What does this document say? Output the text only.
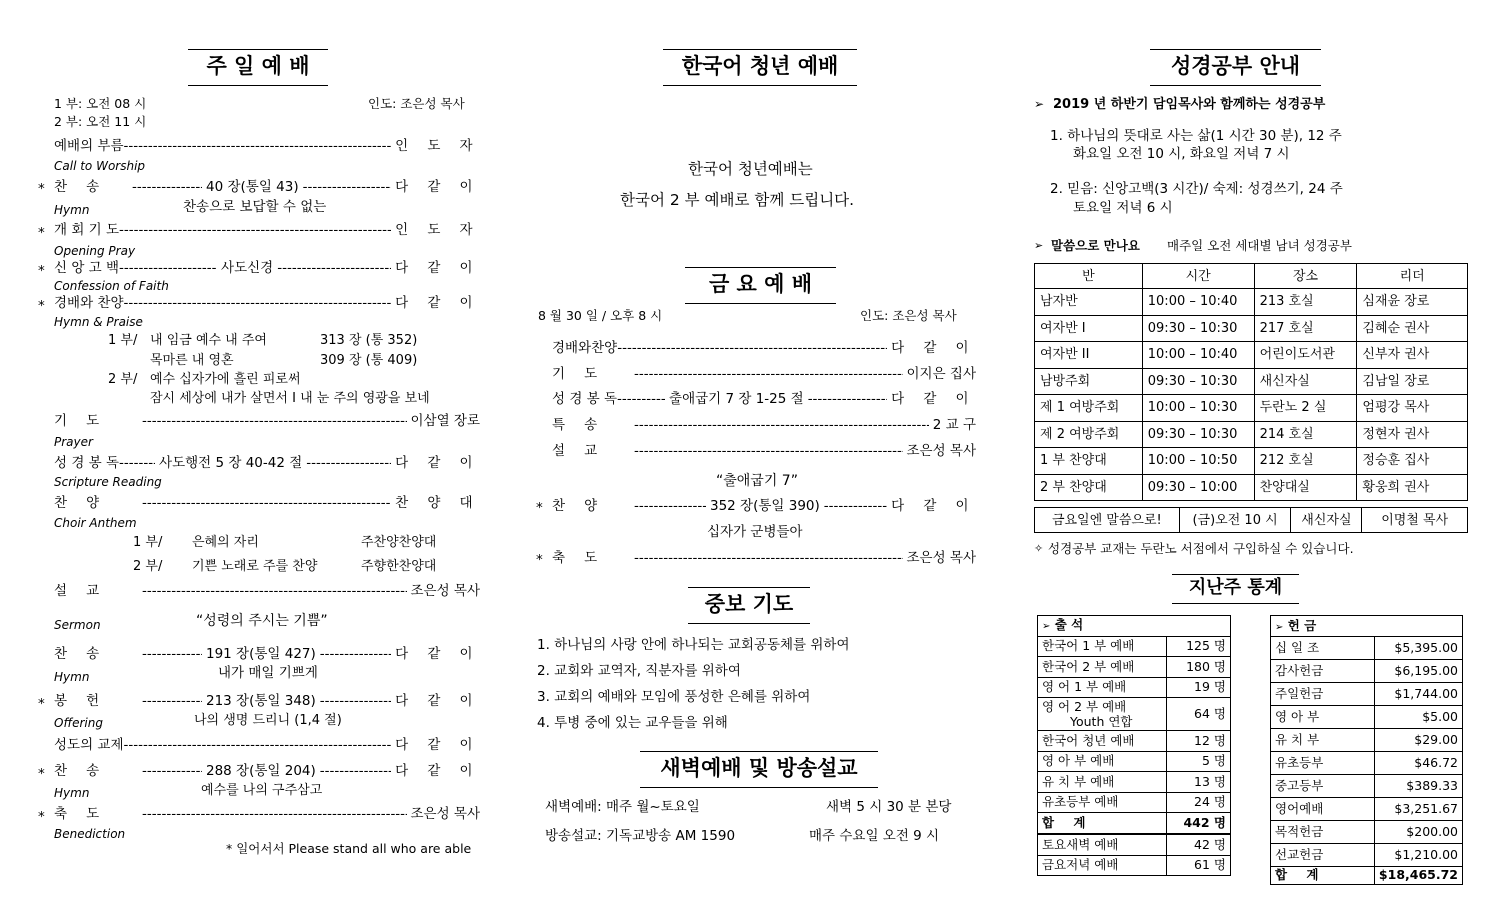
주 일 예 배
1 부: 오전 08 시
2 부: 오전 11 시
인도: 조은성 목사
예배의 부름 -----	인 도 자
Call to Worship
* 찬 송 -----	40 장(통일 43) -----	다 같 이
Hymn	찬송으로 보답할 수 없는
* 개 회 기 도 -----	인 도 자
Opening Pray
* 신 앙 고 백 -----	사도신경 -----	다 같 이
Confession of Faith
* 경배와 찬양 -----	다 같 이
Hymn & Praise
1 부/ 내 임금 예수 내 주여	313 장 (통 352)
목마른 내 영혼	309 장 (통 409)
2 부/ 예수 십자가에 흘린 피로써
잠시 세상에 내가 살면서 I 내 눈 주의 영광을 보네
기 도 -----	이삼열 장로
Prayer
성 경 봉 독 -----	사도행전 5 장 40-42 절 -----	다 같 이
Scripture Reading
찬 양 -----	찬 양 대
Choir Anthem
1 부/ 은혜의 자리	주찬양찬양대
2 부/ 기쁜 노래로 주를 찬양	주향한찬양대
설 교 -----	조은성 목사
Sermon	“성령의 주시는 기쁨”
찬 송 -----	191 장(통일 427) -----	다 같 이
Hymn	내가 매일 기쁘게
* 봉 헌 -----	213 장(통일 348) -----	다 같 이
Offering	나의 생명 드리니 (1,4 절)
성도의 교제 -----	다 같 이
* 찬 송 -----	288 장(통일 204) -----	다 같 이
Hymn	예수를 나의 구주삼고
* 축 도 -----	조은성 목사
Benediction
* 일어서서 Please stand all who are able
한국어 청년 예배
한국어 청년예배는
한국어 2 부 예배로 함께 드립니다.
금 요 예 배
8 월 30 일 / 오후 8 시	인도: 조은성 목사
경배와찬양 -----	다 같 이
기 도 -----	이지은 집사
성 경 봉 독 -----	출애굽기 7 장 1-25 절 -----	다 같 이
특 송 -----	2 교 구
설 교 -----	조은성 목사
“출애굽기 7”
* 찬 양 -----	352 장(통일 390) -----	다 같 이
십자가 군병들아
* 축 도 -----	조은성 목사
중보 기도
1. 하나님의 사랑 안에 하나되는 교회공동체를 위하여
2. 교회와 교역자, 직분자를 위하여
3. 교회의 예배와 모임에 풍성한 은혜를 위하여
4. 투병 중에 있는 교우들을 위해
새벽예배 및 방송설교
새벽예배: 매주 월~토요일	새벽 5 시 30 분 본당
방송설교: 기독교방송 AM 1590	매주 수요일 오전 9 시
성경공부 안내
➢ 2019 년 하반기 담임목사와 함께하는 성경공부
1. 하나님의 뜻대로 사는 삶(1 시간 30 분), 12 주
화요일 오전 10 시, 화요일 저녁 7 시
2. 믿음: 신앙고백(3 시간)/ 숙제: 성경쓰기, 24 주
토요일 저녁 6 시
➢ 말씀으로 만나요 매주일 오전 세대별 남녀 성경공부
반	시간	장소	리더
남자반	10:00 – 10:40	213 호실	심재윤 장로
여자반 I	09:30 – 10:30	217 호실	김혜순 권사
여자반 II	10:00 – 10:40	어린이도서관	신부자 권사
남방주회	09:30 – 10:30	새신자실	김남일 장로
제 1 여방주회	10:00 – 10:30	두란노 2 실	엄평강 목사
제 2 여방주회	09:30 – 10:30	214 호실	정현자 권사
1 부 찬양대	10:00 – 10:50	212 호실	정승훈 집사
2 부 찬양대	09:30 – 10:00	찬양대실	황웅희 권사
금요일엔 말씀으로!	(금)오전 10 시	새신자실	이명철 목사
✧ 성경공부 교재는 두란노 서점에서 구입하실 수 있습니다.
지난주 통계
➢ 출 석	
한국어 1 부 예배	125 명
한국어 2 부 예배	180 명
영 어 1 부 예배	19 명
영 어 2 부 예배
Youth 연합	64 명
한국어 청년 예배	12 명
영 아 부 예배	5 명
유 치 부 예배	13 명
유초등부 예배	24 명
합 계	442 명
토요새벽 예배	42 명
금요저녁 예배	61 명
➢ 헌 금	
십 일 조	$5,395.00
감사헌금	$6,195.00
주일헌금	$1,744.00
영 아 부	$5.00
유 치 부	$29.00
유초등부	$46.72
중고등부	$389.33
영어예배	$3,251.67
목적헌금	$200.00
선교헌금	$1,210.00
합 계	$18,465.72
